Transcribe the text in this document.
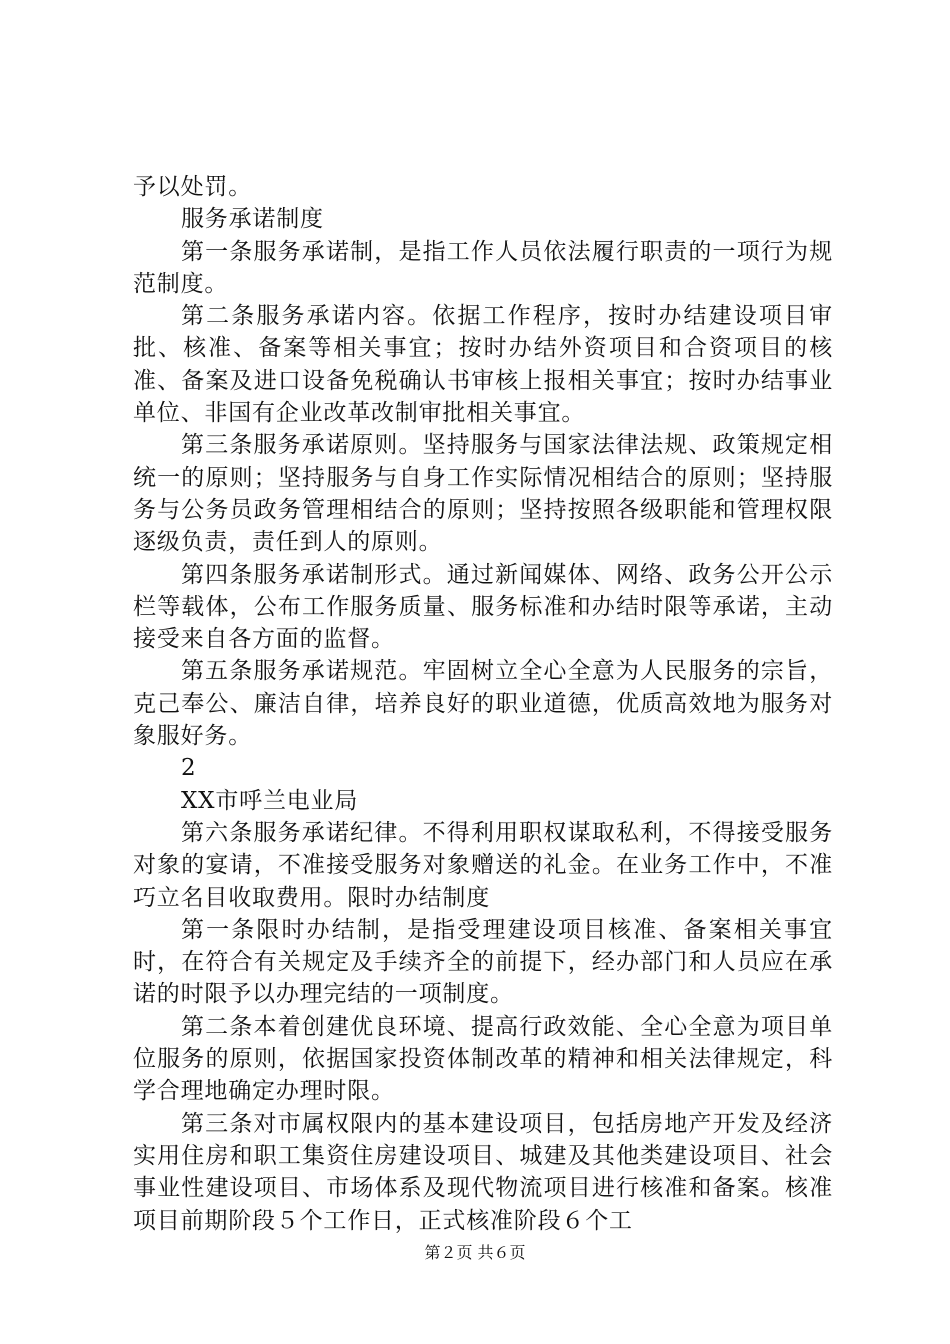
予以处罚。

服务承诺制度

第一条服务承诺制，是指工作人员依法履行职责的一项行为规范制度。

第二条服务承诺内容。依据工作程序，按时办结建设项目审批、核准、备案等相关事宜；按时办结外资项目和合资项目的核准、备案及进口设备免税确认书审核上报相关事宜；按时办结事业单位、非国有企业改革改制审批相关事宜。

第三条服务承诺原则。坚持服务与国家法律法规、政策规定相统一的原则；坚持服务与自身工作实际情况相结合的原则；坚持服务与公务员政务管理相结合的原则；坚持按照各级职能和管理权限逐级负责，责任到人的原则。

第四条服务承诺制形式。通过新闻媒体、网络、政务公开公示栏等载体，公布工作服务质量、服务标准和办结时限等承诺，主动接受来自各方面的监督。

第五条服务承诺规范。牢固树立全心全意为人民服务的宗旨，克己奉公、廉洁自律，培养良好的职业道德，优质高效地为服务对象服好务。

2

XX市呼兰电业局

第六条服务承诺纪律。不得利用职权谋取私利，不得接受服务对象的宴请，不准接受服务对象赠送的礼金。在业务工作中，不准巧立名目收取费用。限时办结制度

第一条限时办结制，是指受理建设项目核准、备案相关事宜时，在符合有关规定及手续齐全的前提下，经办部门和人员应在承诺的时限予以办理完结的一项制度。

第二条本着创建优良环境、提高行政效能、全心全意为项目单位服务的原则，依据国家投资体制改革的精神和相关法律规定，科学合理地确定办理时限。

第三条对市属权限内的基本建设项目，包括房地产开发及经济实用住房和职工集资住房建设项目、城建及其他类建设项目、社会事业性建设项目、市场体系及现代物流项目进行核准和备案。核准项目前期阶段５个工作日，正式核准阶段６个工

第２页 共６页
